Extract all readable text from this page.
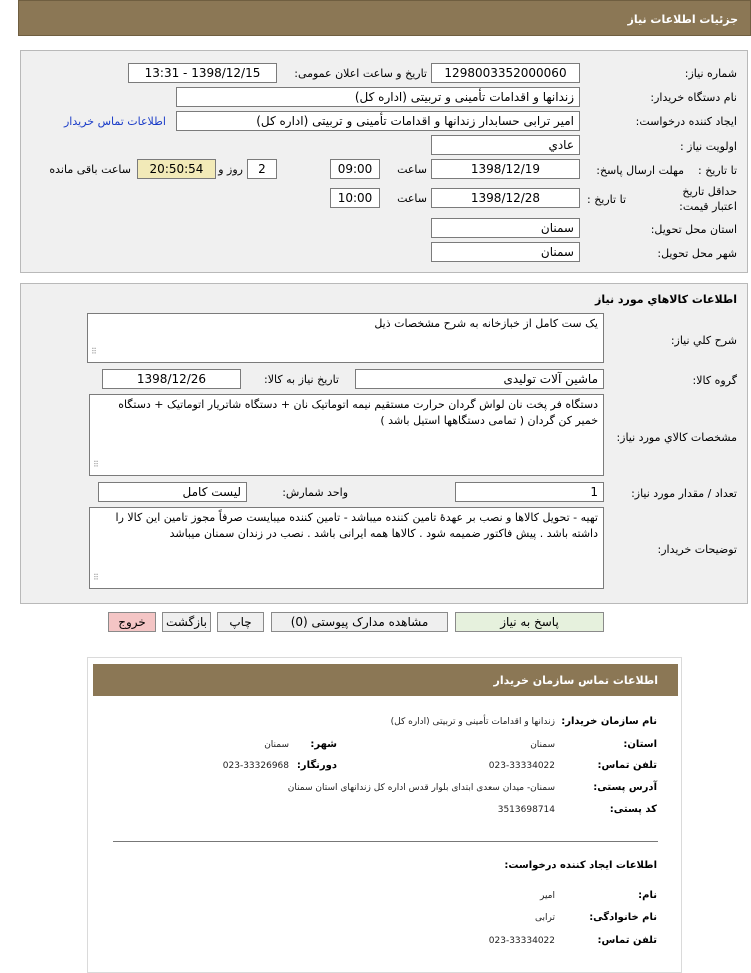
جزئيات اطلاعات نياز
شماره نياز:
1298003352000060
تاريخ و ساعت اعلان عمومی:
1398/12/15 - 13:31
نام دستگاه خريدار:
زندانها و اقدامات تأمينی و تربيتی (اداره کل)
ايجاد کننده درخواست:
امير ترابی حسابدار زندانها و اقدامات تأمينی و تربيتی (اداره کل)
اطلاعات تماس خريدار
اولويت نياز :
عادي
مهلت ارسال پاسخ: تا تاريخ :
1398/12/19
ساعت
09:00
2
روز و
20:50:54
ساعت باقی مانده
حداقل تاريخ اعتبار قيمت:
تا تاريخ :
1398/12/28
ساعت
10:00
استان محل تحويل:
سمنان
شهر محل تحويل:
سمنان
اطلاعات کالاهاي مورد نياز
شرح کلي نياز:
یک ست کامل از خبازخانه به شرح مشخصات ذیل
⠿
گروه کالا:
ماشين آلات توليدی
تاريخ نياز به کالا:
1398/12/26
مشخصات کالاي مورد نياز:
دستگاه فر پخت نان لواش گردان حرارت مستقیم نیمه اتوماتیک نان + دستگاه شاتریار اتوماتیک + دستگاه خمیر کن گردان ( تمامی دستگاهها استیل باشد )
⠿
تعداد / مقدار مورد نياز:
1
واحد شمارش:
ليست کامل
توضيحات خريدار:
تهیه - تحویل کالاها و نصب بر عهدهٔ تامین کننده میباشد - تامین کننده میبایست صرفاً مجوز تامین این کالا را داشته باشد . پیش فاکتور ضمیمه شود . کالاها همه ایرانی باشد . نصب در زندان سمنان میباشد
⠿
پاسخ به نياز
مشاهده مدارک پيوستی (0)
چاپ
بازگشت
خروج
اطلاعات تماس سازمان خريدار
نام سازمان خريدار:
زندانها و اقدامات تأمينی و تربيتی (اداره کل)
استان:
سمنان
شهر:
سمنان
تلفن تماس:
023-33334022
دورنگار:
023-33326968
آدرس پستی:
سمنان- میدان سعدی ابتدای بلوار قدس اداره کل زندانهای استان سمنان
کد پستی:
3513698714
اطلاعات ايجاد کننده درخواست:
نام:
امير
نام خانوادگی:
ترابی
تلفن تماس:
023-33334022
